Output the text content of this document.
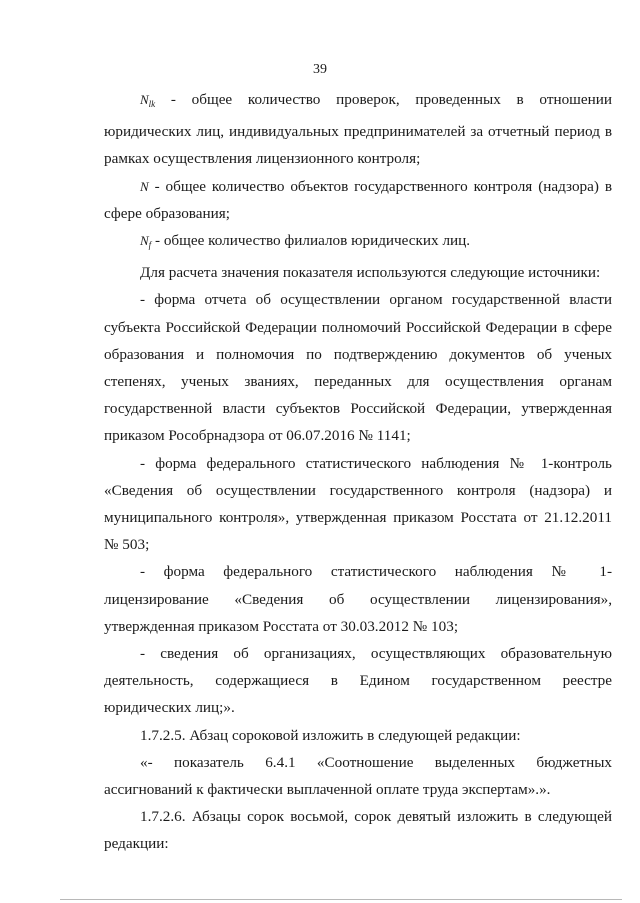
39

$N_{lk}$ - общее количество проверок, проведенных в отношении юридических лиц, индивидуальных предпринимателей за отчетный период в рамках осуществления лицензионного контроля;

N - общее количество объектов государственного контроля (надзора) в сфере образования;

$N_f$ - общее количество филиалов юридических лиц.

Для расчета значения показателя используются следующие источники:

- форма отчета об осуществлении органом государственной власти субъекта Российской Федерации полномочий Российской Федерации в сфере образования и полномочия по подтверждению документов об ученых степенях, ученых званиях, переданных для осуществления органам государственной власти субъектов Российской Федерации, утвержденная приказом Рособрнадзора от 06.07.2016 № 1141;

- форма федерального статистического наблюдения № 1-контроль «Сведения об осуществлении государственного контроля (надзора) и муниципального контроля», утвержденная приказом Росстата от 21.12.2011 № 503;

- форма федерального статистического наблюдения № 1-лицензирование «Сведения об осуществлении лицензирования», утвержденная приказом Росстата от 30.03.2012 № 103;

- сведения об организациях, осуществляющих образовательную деятельность, содержащиеся в Едином государственном реестре юридических лиц;».

1.7.2.5. Абзац сороковой изложить в следующей редакции:

«- показатель 6.4.1 «Соотношение выделенных бюджетных ассигнований к фактически выплаченной оплате труда экспертам».».

1.7.2.6. Абзацы сорок восьмой, сорок девятый изложить в следующей редакции:
